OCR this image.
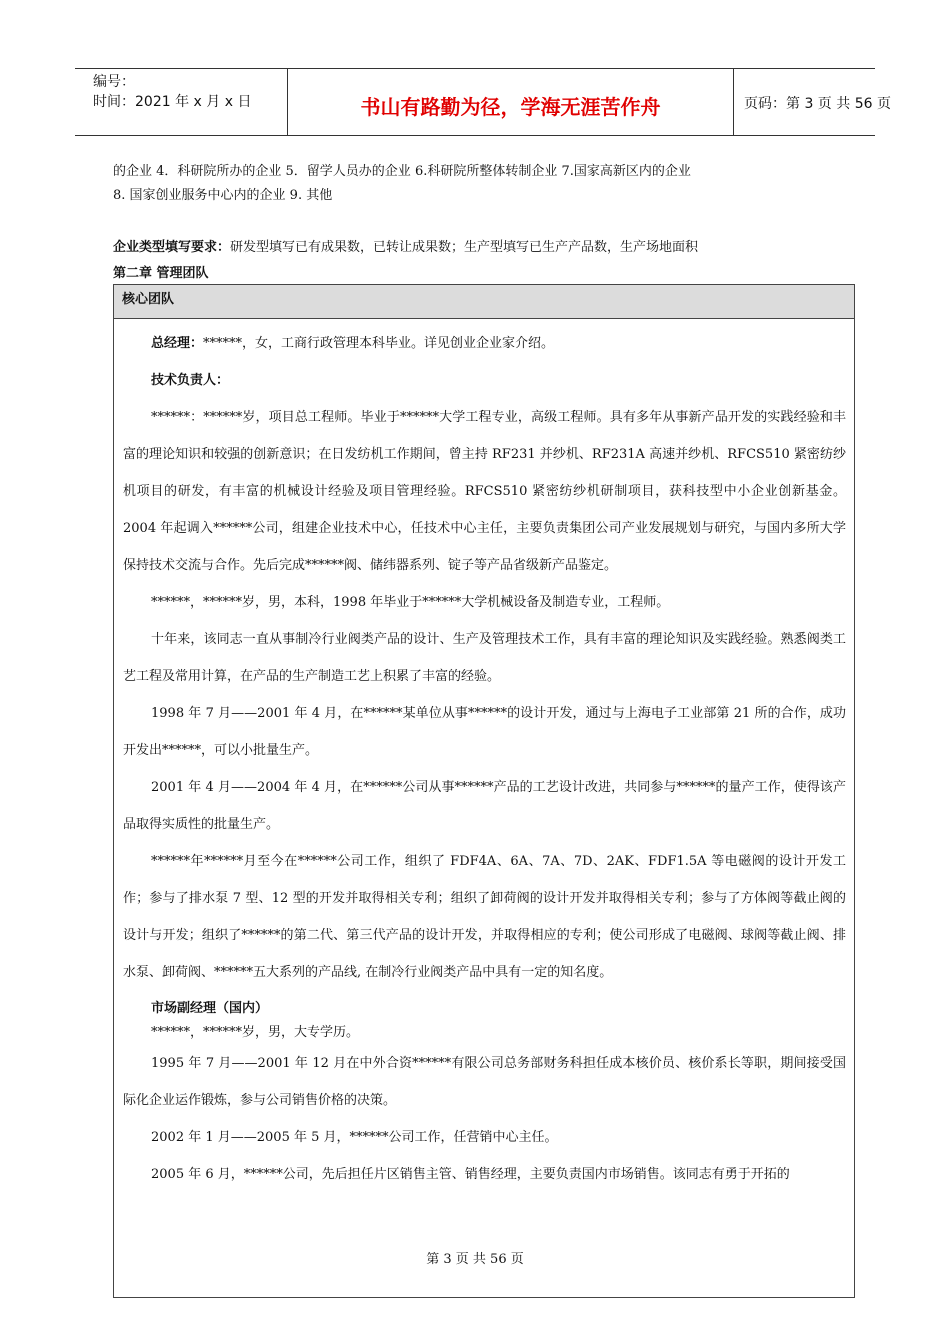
编号：
时间：2021 年 x 月 x 日	书山有路勤为径，学海无涯苦作舟	页码：第 3 页 共 56 页
的企业 4．科研院所办的企业 5．留学人员办的企业 6.科研院所整体转制企业 7.国家高新区内的企业
8. 国家创业服务中心内的企业 9. 其他
企业类型填写要求：研发型填写已有成果数，已转让成果数；生产型填写已生产产品数，生产场地面积
第二章 管理团队
核心团队

总经理：******，女，工商行政管理本科毕业。详见创业企业家介绍。

技术负责人：

******：******岁，项目总工程师。毕业于******大学工程专业，高级工程师。具有多年从事新产品开发的实践经验和丰富的理论知识和较强的创新意识；在日发纺机工作期间，曾主持 RF231 并纱机、RF231A 高速并纱机、RFCS510 紧密纺纱机项目的研发，有丰富的机械设计经验及项目管理经验。RFCS510 紧密纺纱机研制项目，获科技型中小企业创新基金。2004 年起调入******公司，组建企业技术中心，任技术中心主任，主要负责集团公司产业发展规划与研究，与国内多所大学保持技术交流与合作。先后完成******阀、储纬器系列、锭子等产品省级新产品鉴定。

******，******岁，男，本科，1998 年毕业于******大学机械设备及制造专业，工程师。

十年来，该同志一直从事制冷行业阀类产品的设计、生产及管理技术工作，具有丰富的理论知识及实践经验。熟悉阀类工艺工程及常用计算，在产品的生产制造工艺上积累了丰富的经验。

1998 年 7 月——2001 年 4 月，在******某单位从事******的设计开发，通过与上海电子工业部第 21 所的合作，成功开发出******，可以小批量生产。

2001 年 4 月——2004 年 4 月，在******公司从事******产品的工艺设计改进，共同参与******的量产工作，使得该产品取得实质性的批量生产。

******年******月至今在******公司工作，组织了 FDF4A、6A、7A、7D、2AK、FDF1.5A 等电磁阀的设计开发工作；参与了排水泵 7 型、12 型的开发并取得相关专利；组织了卸荷阀的设计开发并取得相关专利；参与了方体阀等截止阀的设计与开发；组织了******的第二代、第三代产品的设计开发，并取得相应的专利；使公司形成了电磁阀、球阀等截止阀、排水泵、卸荷阀、******五大系列的产品线, 在制冷行业阀类产品中具有一定的知名度。

市场副经理（国内）

******，******岁，男，大专学历。

1995 年 7 月——2001 年 12 月在中外合资******有限公司总务部财务科担任成本核价员、核价系长等职，期间接受国际化企业运作锻炼，参与公司销售价格的决策。

2002 年 1 月——2005 年 5 月，******公司工作，任营销中心主任。

2005 年 6 月，******公司，先后担任片区销售主管、销售经理，主要负责国内市场销售。该同志有勇于开拓的

第 3 页 共 56 页
